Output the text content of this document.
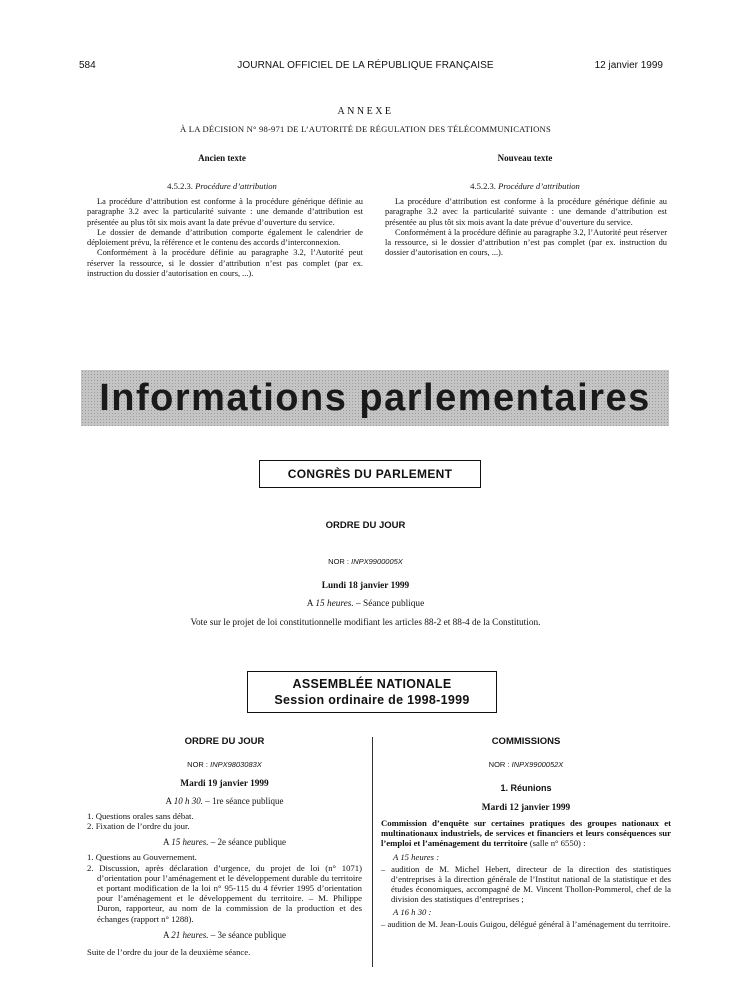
584	JOURNAL OFFICIEL DE LA RÉPUBLIQUE FRANÇAISE	12 janvier 1999
ANNEXE
À LA DÉCISION N° 98-971 DE L’AUTORITÉ DE RÉGULATION DES TÉLÉCOMMUNICATIONS
Ancien texte	Nouveau texte
4.5.2.3. Procédure d’attribution	4.5.2.3. Procédure d’attribution

La procédure d’attribution est conforme à la procédure générique définie au paragraphe 3.2 avec la particularité suivante : une demande d’attribution est présentée au plus tôt six mois avant la date prévue d’ouverture du service.

Le dossier de demande d’attribution comporte également le calendrier de déploiement prévu, la référence et le contenu des accords d’interconnexion.

Conformément à la procédure définie au paragraphe 3.2, l’Autorité peut réserver la ressource, si le dossier d’attribution n’est pas complet (par ex. instruction du dossier d’autorisation en cours, ...).

La procédure d’attribution est conforme à la procédure générique définie au paragraphe 3.2 avec la particularité suivante : une demande d’attribution est présentée au plus tôt six mois avant la date prévue d’ouverture du service.

Conformément à la procédure définie au paragraphe 3.2, l’Autorité peut réserver la ressource, si le dossier d’attribution n’est pas complet (par ex. instruction du dossier d’autorisation en cours, ...).

Informations parlementaires
CONGRÈS DU PARLEMENT
ORDRE DU JOUR
NOR : INPX9900005X
Lundi 18 janvier 1999
A 15 heures. – Séance publique
Vote sur le projet de loi constitutionnelle modifiant les articles 88-2 et 88-4 de la Constitution.
ASSEMBLÉE NATIONALE
Session ordinaire de 1998-1999
ORDRE DU JOUR
NOR : INPX9803083X
Mardi 19 janvier 1999
A 10 h 30. – 1re séance publique
1. Questions orales sans débat.
2. Fixation de l’ordre du jour.
A 15 heures. – 2e séance publique
1. Questions au Gouvernement.
2. Discussion, après déclaration d’urgence, du projet de loi (n° 1071) d’orientation pour l’aménagement et le développement durable du territoire et portant modification de la loi n° 95-115 du 4 février 1995 d’orientation pour l’aménagement et le développement du territoire. – M. Philippe Duron, rapporteur, au nom de la commission de la production et des échanges (rapport n° 1288).
A 21 heures. – 3e séance publique
Suite de l’ordre du jour de la deuxième séance.
COMMISSIONS
NOR : INPX9900052X
1. Réunions
Mardi 12 janvier 1999
Commission d’enquête sur certaines pratiques des groupes nationaux et multinationaux industriels, de services et financiers et leurs conséquences sur l’emploi et l’aménagement du territoire (salle n° 6550) :
A 15 heures :
– audition de M. Michel Hebert, directeur de la direction des statistiques d’entreprises à la direction générale de l’Institut national de la statistique et des études économiques, accompagné de M. Vincent Thollon-Pommerol, chef de la division des statistiques d’entreprises ;
A 16 h 30 :
– audition de M. Jean-Louis Guigou, délégué général à l’aménagement du territoire.
